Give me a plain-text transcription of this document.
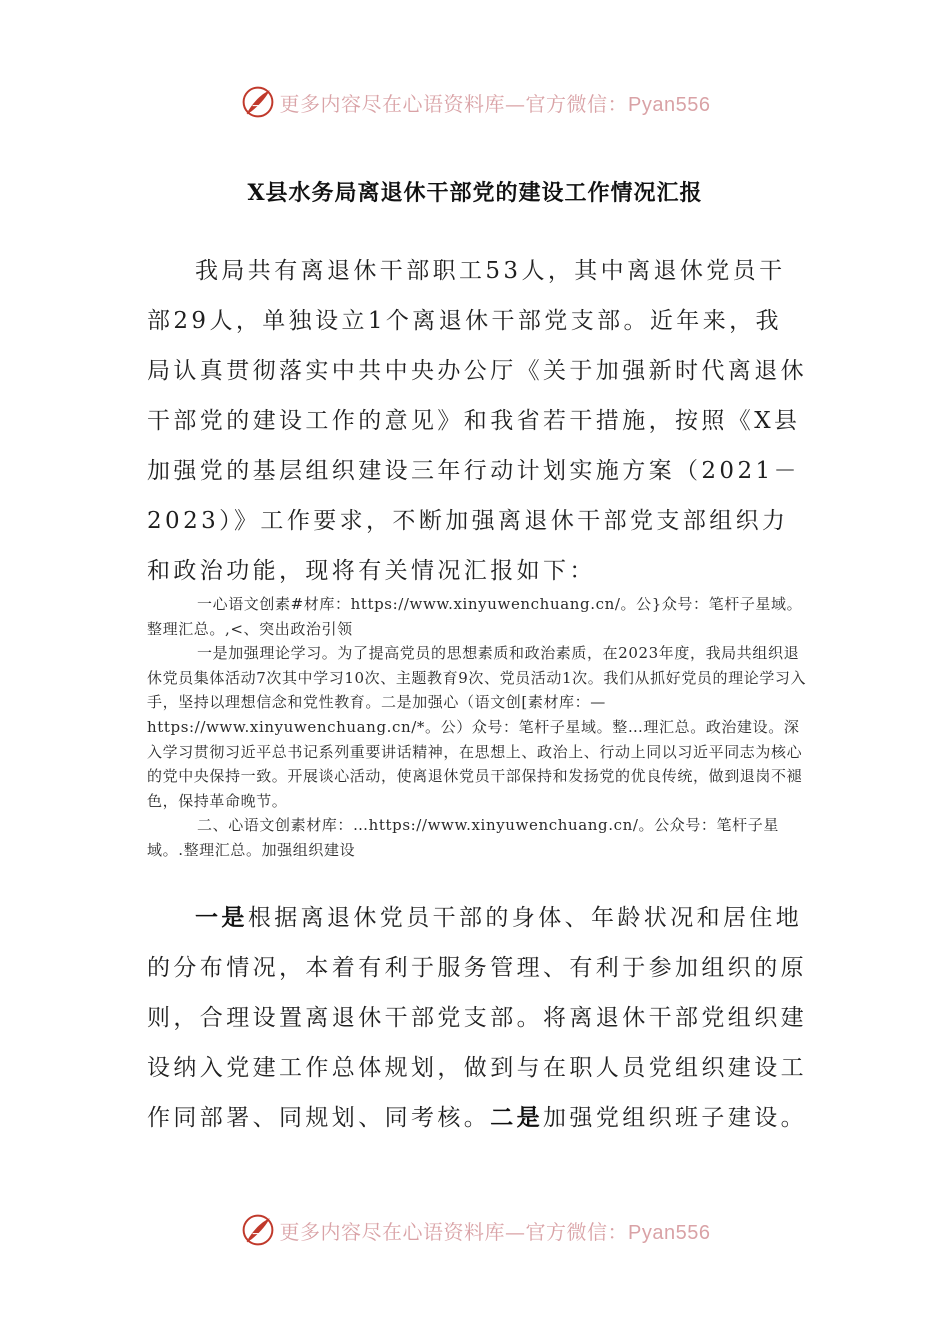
更多内容尽在心语资料库—官方微信：Pyan556
X县水务局离退休干部党的建设工作情况汇报

我局共有离退休干部职工53人，其中离退休党员干部29人，单独设立1个离退休干部党支部。近年来，我局认真贯彻落实中共中央办公厅《关于加强新时代离退休干部党的建设工作的意见》和我省若干措施，按照《X县加强党的基层组织建设三年行动计划实施方案（2021－2023）》工作要求，不断加强离退休干部党支部组织力和政治功能，现将有关情况汇报如下：

一心语文创素#材库：https://www.xinyuwenchuang.cn/。公}众号：笔杆子星域。整理汇总。,<、突出政治引领

一是加强理论学习。为了提高党员的思想素质和政治素质，在2023年度，我局共组织退休党员集体活动7次其中学习10次、主题教育9次、党员活动1次。我们从抓好党员的理论学习入手，坚持以理想信念和党性教育。二是加强心（语文创[素材库：—https://www.xinyuwenchuang.cn/*。公）众号：笔杆子星域。整…理汇总。政治建设。深入学习贯彻习近平总书记系列重要讲话精神，在思想上、政治上、行动上同以习近平同志为核心的党中央保持一致。开展谈心活动，使离退休党员干部保持和发扬党的优良传统，做到退岗不褪色，保持革命晚节。

二、心语文创素材库：…https://www.xinyuwenchuang.cn/。公众号：笔杆子星域。.整理汇总。加强组织建设

一是根据离退休党员干部的身体、年龄状况和居住地的分布情况，本着有利于服务管理、有利于参加组织的原则，合理设置离退休干部党支部。将离退休干部党组织建设纳入党建工作总体规划，做到与在职人员党组织建设工作同部署、同规划、同考核。二是加强党组织班子建设。

更多内容尽在心语资料库—官方微信：Pyan556
